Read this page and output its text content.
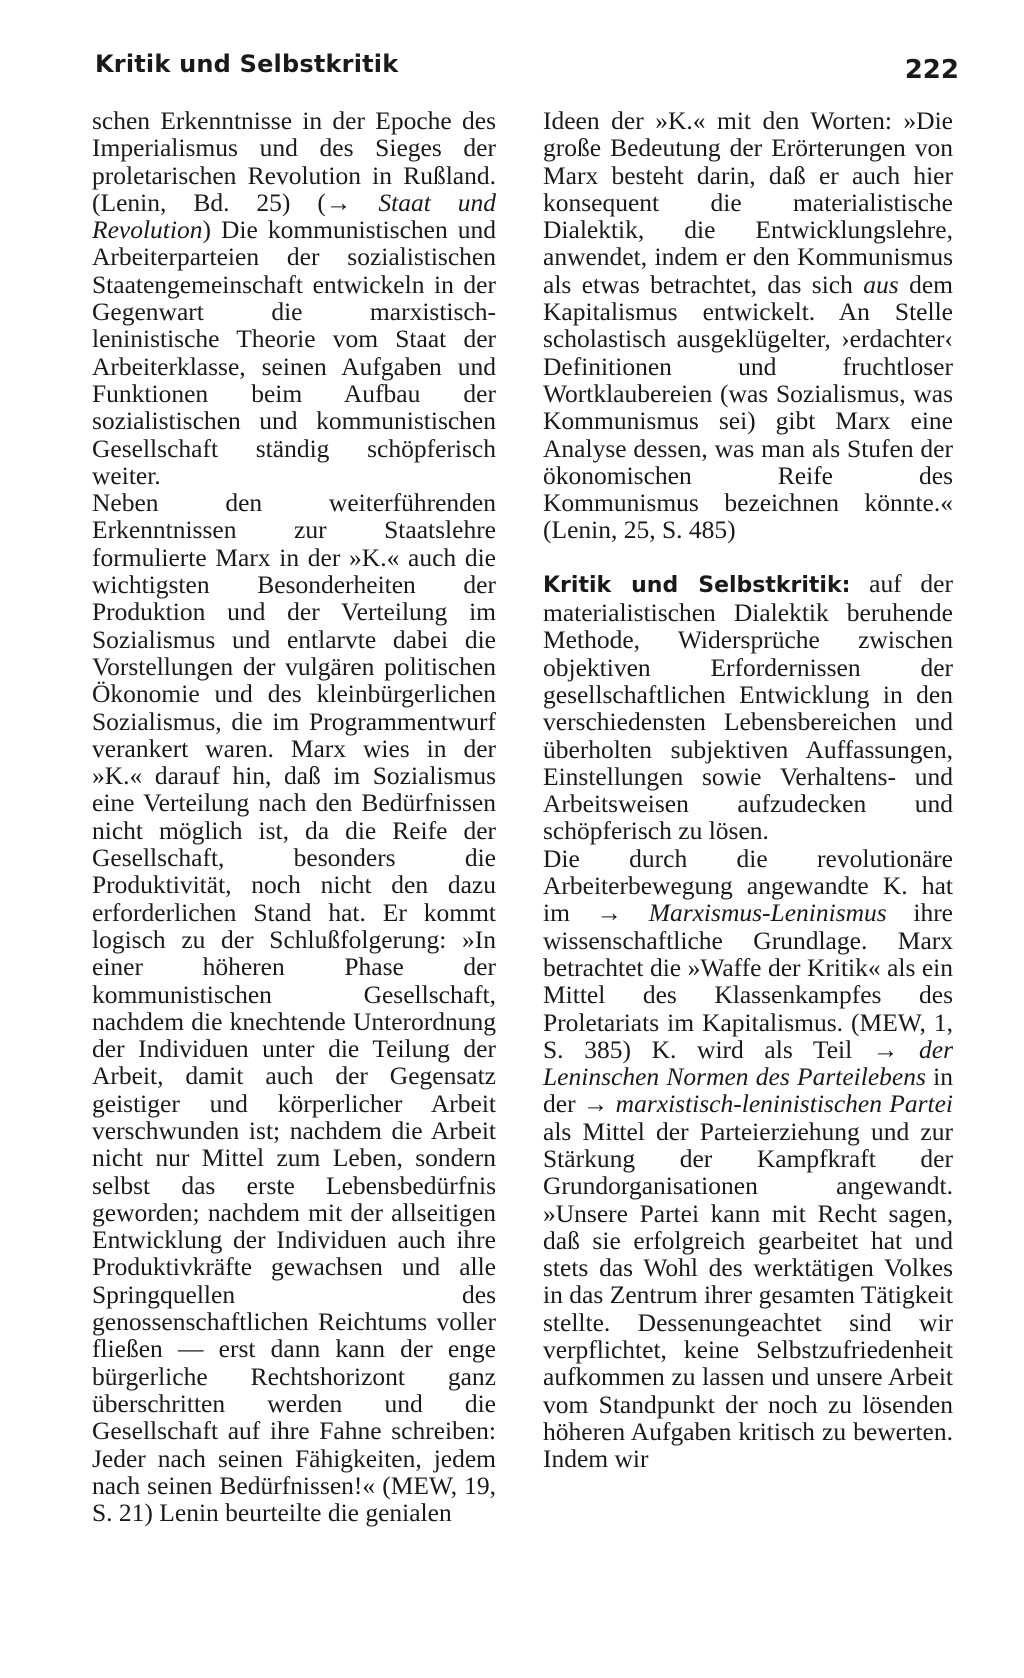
Kritik und Selbstkritik	222

schen Erkenntnisse in der Epoche des Imperialismus und des Sieges der proletarischen Revolution in Rußland. (Lenin, Bd. 25) (→ Staat und Revolution) Die kommunistischen und Arbeiterparteien der sozialistischen Staatengemeinschaft entwickeln in der Gegenwart die marxistisch-leninistische Theorie vom Staat der Arbeiterklasse, seinen Aufgaben und Funktionen beim Aufbau der sozialistischen und kommunistischen Gesellschaft ständig schöpferisch weiter.

Neben den weiterführenden Erkenntnissen zur Staatslehre formulierte Marx in der »K.« auch die wichtigsten Besonderheiten der Produktion und der Verteilung im Sozialismus und entlarvte dabei die Vorstellungen der vulgären politischen Ökonomie und des kleinbürgerlichen Sozialismus, die im Programmentwurf verankert waren. Marx wies in der »K.« darauf hin, daß im Sozialismus eine Verteilung nach den Bedürfnissen nicht möglich ist, da die Reife der Gesellschaft, besonders die Produktivität, noch nicht den dazu erforderlichen Stand hat. Er kommt logisch zu der Schlußfolgerung: »In einer höheren Phase der kommunistischen Gesellschaft, nachdem die knechtende Unterordnung der Individuen unter die Teilung der Arbeit, damit auch der Gegensatz geistiger und körperlicher Arbeit verschwunden ist; nachdem die Arbeit nicht nur Mittel zum Leben, sondern selbst das erste Lebensbedürfnis geworden; nachdem mit der allseitigen Entwicklung der Individuen auch ihre Produktivkräfte gewachsen und alle Springquellen des genossenschaftlichen Reichtums voller fließen — erst dann kann der enge bürgerliche Rechtshorizont ganz überschritten werden und die Gesellschaft auf ihre Fahne schreiben: Jeder nach seinen Fähigkeiten, jedem nach seinen Bedürfnissen!« (MEW, 19, S. 21) Lenin beurteilte die genialen

Ideen der »K.« mit den Worten: »Die große Bedeutung der Erörterungen von Marx besteht darin, daß er auch hier konsequent die materialistische Dialektik, die Entwicklungslehre, anwendet, indem er den Kommunismus als etwas betrachtet, das sich aus dem Kapitalismus entwickelt. An Stelle scholastisch ausgeklügelter, ›erdachter‹ Definitionen und fruchtloser Wortklaubereien (was Sozialismus, was Kommunismus sei) gibt Marx eine Analyse dessen, was man als Stufen der ökonomischen Reife des Kommunismus bezeichnen könnte.« (Lenin, 25, S. 485)

Kritik und Selbstkritik: auf der materialistischen Dialektik beruhende Methode, Widersprüche zwischen objektiven Erfordernissen der gesellschaftlichen Entwicklung in den verschiedensten Lebensbereichen und überholten subjektiven Auffassungen, Einstellungen sowie Verhaltens- und Arbeitsweisen aufzudecken und schöpferisch zu lösen.

Die durch die revolutionäre Arbeiterbewegung angewandte K. hat im → Marxismus-Leninismus ihre wissenschaftliche Grundlage. Marx betrachtet die »Waffe der Kritik« als ein Mittel des Klassenkampfes des Proletariats im Kapitalismus. (MEW, 1, S. 385) K. wird als Teil → der Leninschen Normen des Parteilebens in der → marxistisch-leninistischen Partei als Mittel der Parteierziehung und zur Stärkung der Kampfkraft der Grundorganisationen angewandt. »Unsere Partei kann mit Recht sagen, daß sie erfolgreich gearbeitet hat und stets das Wohl des werktätigen Volkes in das Zentrum ihrer gesamten Tätigkeit stellte. Dessenungeachtet sind wir verpflichtet, keine Selbstzufriedenheit aufkommen zu lassen und unsere Arbeit vom Standpunkt der noch zu lösenden höheren Aufgaben kritisch zu bewerten. Indem wir
